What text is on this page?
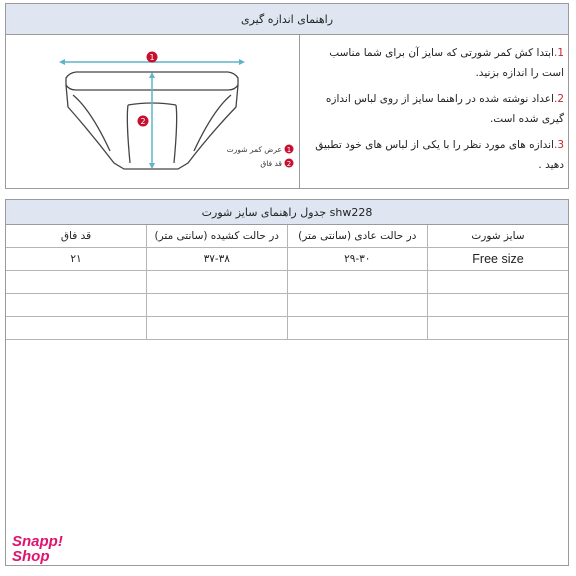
راهنمای اندازه گیری
1
2
1
عرض کمر شورت
2
قد فاق

1.ابتدا کش کمر شورتی که سایز آن برای شما مناسب است را اندازه بزنید.

2.اعداد نوشته شده در راهنما سایز از روی لباس اندازه گیری شده است.

3.اندازه های مورد نظر را با یکی از لباس های خود تطبیق دهید .

جدول راهنمای سایز شورت shw228
سایز شورت	در حالت عادی (سانتی متر)	در حالت کشیده (سانتی متر)	قد فاق
Free size	۲۹-۳۰	۳۷-۳۸	۲۱

Snapp!
Shop
